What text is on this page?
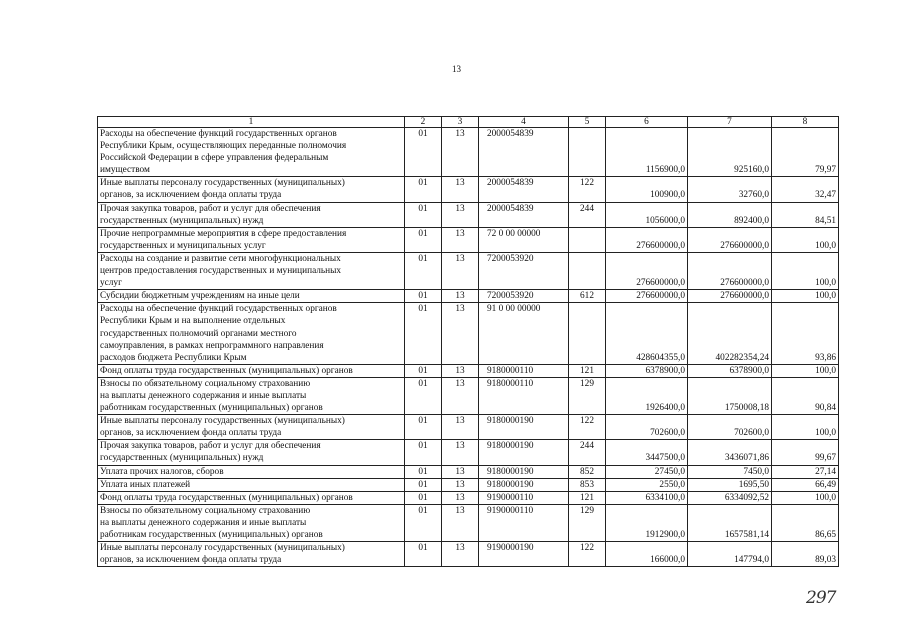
13
1	2	3	4	5	6	7	8
Расходы на обеспечение функций государственных органов
Республики Крым, осуществляющих переданные полномочия
Российской Федерации в сфере управления федеральным
имуществом	01	13	2000054839		1156900,0	925160,0	79,97
Иные выплаты персоналу государственных (муниципальных)
органов, за исключением фонда оплаты труда	01	13	2000054839	122	100900,0	32760,0	32,47
Прочая закупка товаров, работ и услуг для обеспечения
государственных (муниципальных) нужд	01	13	2000054839	244	1056000,0	892400,0	84,51
Прочие непрограммные мероприятия в сфере предоставления
государственных и муниципальных услуг	01	13	72 0 00 00000		276600000,0	276600000,0	100,0
Расходы на создание и развитие сети многофункциональных
центров предоставления государственных и муниципальных
услуг	01	13	7200053920		276600000,0	276600000,0	100,0
Субсидии бюджетным учреждениям на иные цели	01	13	7200053920	612	276600000,0	276600000,0	100,0
Расходы на обеспечение функций государственных органов
Республики Крым и на выполнение отдельных
государственных полномочий органами местного
самоуправления, в рамках непрограммного направления
расходов бюджета Республики Крым	01	13	91 0 00 00000		428604355,0	402282354,24	93,86
Фонд оплаты труда государственных (муниципальных) органов	01	13	9180000110	121	6378900,0	6378900,0	100,0
Взносы по обязательному социальному страхованию
на выплаты денежного содержания и иные выплаты
работникам государственных (муниципальных) органов	01	13	9180000110	129	1926400,0	1750008,18	90,84
Иные выплаты персоналу государственных (муниципальных)
органов, за исключением фонда оплаты труда	01	13	9180000190	122	702600,0	702600,0	100,0
Прочая закупка товаров, работ и услуг для обеспечения
государственных (муниципальных) нужд	01	13	9180000190	244	3447500,0	3436071,86	99,67
Уплата прочих налогов, сборов	01	13	9180000190	852	27450,0	7450,0	27,14
Уплата иных платежей	01	13	9180000190	853	2550,0	1695,50	66,49
Фонд оплаты труда государственных (муниципальных) органов	01	13	9190000110	121	6334100,0	6334092,52	100,0
Взносы по обязательному социальному страхованию
на выплаты денежного содержания и иные выплаты
работникам государственных (муниципальных) органов	01	13	9190000110	129	1912900,0	1657581,14	86,65
Иные выплаты персоналу государственных (муниципальных)
органов, за исключением фонда оплаты труда	01	13	9190000190	122	166000,0	147794,0	89,03
297
